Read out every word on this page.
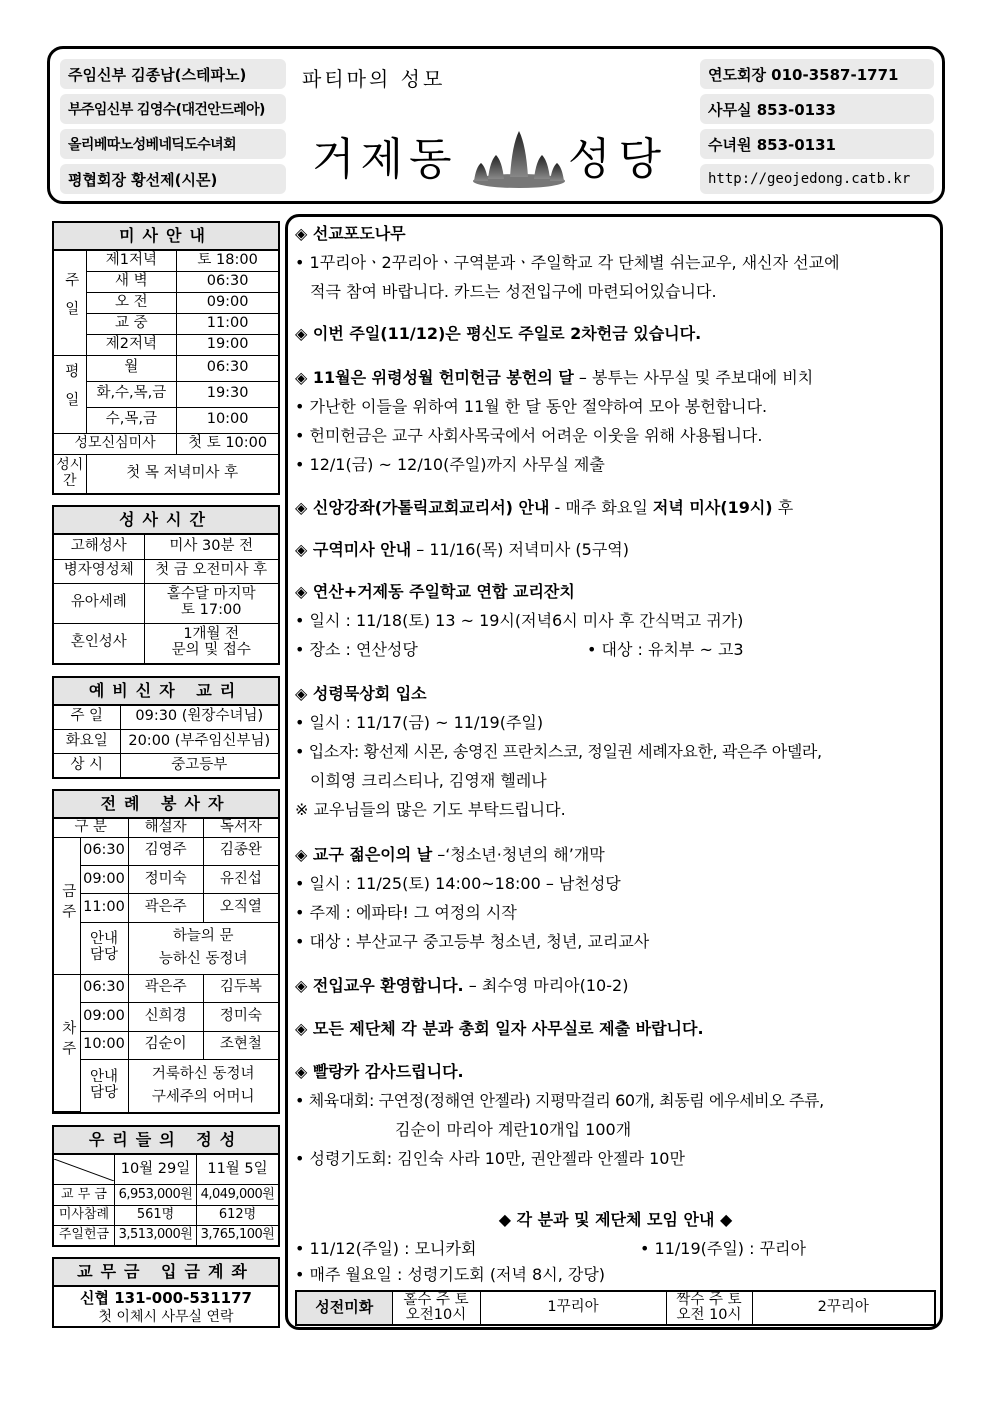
주임신부 김종남(스테파노)
부주임신부 김영수(대건안드레아)
올리베따노성베네딕도수녀회
평협회장 황선제(시몬)
파티마의 성모
거제동	성당
연도회장 010-3587-1771
사무실 853-0133
수녀원 853-0131
http://geojedong.catb.kr
미사안내
주일	제1저녁	토 18:00
	새 벽	06:30
	오 전	09:00
	교 중	11:00
	제2저녁	19:00
평일	월	06:30
	화,수,목,금	19:30
	수,목,금	10:00
성모신심미사		첫 토 10:00
성시간	첫 목 저녁미사 후	
성사시간
고해성사	미사 30분 전
병자영성체	첫 금 오전미사 후
유아세례	홀수달 마지막
토 17:00
혼인성사	1개월 전
문의 및 접수
예비신자 교리
주 일	09:30 (원장수녀님)
화요일	20:00 (부주임신부님)
상 시	중고등부
전례 봉사자
구 분		해설자	독서자
금주	06:30	김영주	김종완
	09:00	정미숙	유진섭
	11:00	곽은주	오직열
	안내
담당	하늘의 문
능하신 동정녀	
차주	06:30	곽은주	김두복
	09:00	신희경	정미숙
	10:00	김순이	조현철
	안내
담당	거룩하신 동정녀
구세주의 어머니	
우리들의 정성
	10월 29일	11월 5일
교 무 금	6,953,000원	4,049,000원
미사참례	561명	612명
주일헌금	3,513,000원	3,765,100원
교무금 입금계좌
신협 131-000-531177
첫 이체시 사무실 연락
◈ 선교포도나무
• 1꾸리아ㆍ2꾸리아ㆍ구역분과ㆍ주일학교 각 단체별 쉬는교우, 새신자 선교에
적극 참여 바랍니다. 카드는 성전입구에 마련되어있습니다.
◈ 이번 주일(11/12)은 평신도 주일로 2차헌금 있습니다.
◈ 11월은 위령성월 헌미헌금 봉헌의 달 – 봉투는 사무실 및 주보대에 비치
• 가난한 이들을 위하여 11월 한 달 동안 절약하여 모아 봉헌합니다.
• 헌미헌금은 교구 사회사목국에서 어려운 이웃을 위해 사용됩니다.
• 12/1(금) ~ 12/10(주일)까지 사무실 제출
◈ 신앙강좌(가톨릭교회교리서) 안내 - 매주 화요일 저녁 미사(19시) 후
◈ 구역미사 안내 – 11/16(목) 저녁미사 (5구역)
◈ 연산+거제동 주일학교 연합 교리잔치
• 일시 : 11/18(토) 13 ~ 19시(저녁6시 미사 후 간식먹고 귀가)
• 장소 : 연산성당	• 대상 : 유치부 ~ 고3
◈ 성령묵상회 입소
• 일시 : 11/17(금) ~ 11/19(주일)
• 입소자: 황선제 시몬, 송영진 프란치스코, 정일권 세례자요한, 곽은주 아델라,
이희영 크리스티나, 김영재 헬레나
※ 교우님들의 많은 기도 부탁드립니다.
◈ 교구 젊은이의 날 –‘청소년·청년의 해’개막
• 일시 : 11/25(토) 14:00~18:00 – 남천성당
• 주제 : 에파타! 그 여정의 시작
• 대상 : 부산교구 중고등부 청소년, 청년, 교리교사
◈ 전입교우 환영합니다. – 최수영 마리아(10-2)
◈ 모든 제단체 각 분과 총회 일자 사무실로 제출 바랍니다.
◈ 빨랑카 감사드립니다.
• 체육대회: 구연정(정해연 안젤라) 지평막걸리 60개, 최동림 에우세비오 주류,
김순이 마리아 계란10개입 100개
• 성령기도회: 김인숙 사라 10만, 권안젤라 안젤라 10만
◆ 각 분과 및 제단체 모임 안내 ◆
• 11/12(주일) : 모니카회	• 11/19(주일) : 꾸리아
• 매주 월요일 : 성령기도회 (저녁 8시, 강당)
성전미화	홀수 주 토
오전10시	1꾸리아	짝수 주 토
오전 10시	2꾸리아
